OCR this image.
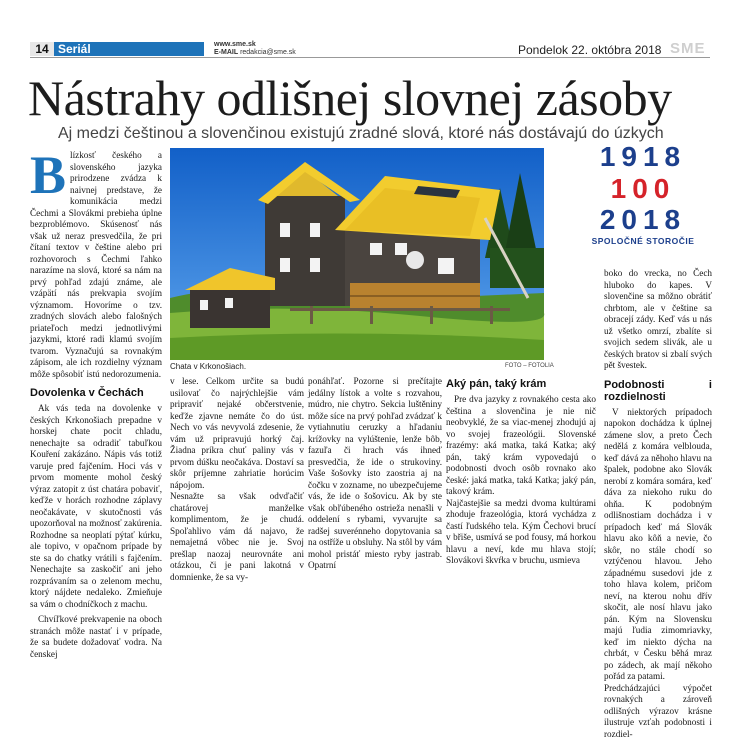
14 Seriál	www.sme.sk
E-MAIL redakcia@sme.sk	Pondelok 22. októbra 2018 SME
Nástrahy odlišnej slovnej zásoby
Aj medzi češtinou a slovenčinou existujú zradné slová, ktoré nás dostávajú do úzkych
B lízkosť českého a slovenského jazyka prirodzene zvádza k naivnej predstave, že komunikácia medzi Čechmi a Slovákmi prebieha úplne bezproblémovo. Skúsenosť nás však už neraz presvedčila, že pri čítaní textov v češtine alebo pri rozhovoroch s Čechmi ľahko narazíme na slová, ktoré sa nám na prvý pohľad zdajú známe, ale vzápätí nás prekvapia svojím významom. Hovoríme o tzv. zradných slovách alebo falošných priateľoch medzi jednotlivými jazykmi, ktoré radi klamú svojím tvarom. Vyznačujú sa rovnakým zápisom, ale ich rozdielny význam môže spôsobiť istú nedorozumenia.

Dovolenka v Čechách

Ak vás teda na dovolenke v českých Krkonošiach prepadne v horskej chate pocit chladu, nenechajte sa odradiť tabuľkou Kouření zakázáno. Nápis vás totiž varuje pred fajčením. Hoci vás v prvom momente mohol český výraz zatopit z úst chatára pobaviť, keďže v horách rozhodne záplavy neočakávate, v skutočnosti vás upozorňoval na možnosť zakúrenia. Rozhodne sa neoplatí pýtať kúrku, ale topivo, v opačnom prípade by ste sa do chatky vrátili s fajčením. Nenechajte sa zaskočiť ani jeho rozprávaním sa o zelenom mechu, ktorý nájdete nedaleko. Zmieňuje sa vám o chodníčkoch z machu.

Chvíľkové prekvapenie na oboch stranách môže nastať i v prípade, že sa budete dožadovať vodra. Na čenskej

Chata v Krkonošiach.	FOTO – FOTOLIA
1918
100
2018
SPOLOČNÉ STOROČIE
v lese. Celkom určite sa budú usilovať čo najrýchlejšie vám pripraviť nejaké občerstvenie, keďže zjavne nemáte čo do úst. Nech vo vás nevyvolá zdesenie, že vám už pripravujú horký čaj. Žiadna príkra chuť paliny vás v prvom dúšku neočakáva. Dostaví sa skôr príjemne zahriatie horúcim nápojom.
Nesnažte sa však odvďačiť chatárovej manželke komplimentom, že je chudá. Spoľahlivo vám dá najavo, že nemajetná vôbec nie je. Svoj prešlap naozaj neurovnáte ani otázkou, či je pani lakotná v domnienke, že sa vy-
ponáhľať. Pozorne si prečítajte jedálny lístok a volte s rozvahou, múdro, nie chytro. Sekcia luštěniny môže síce na prvý pohľad zvádzať k vytiahnutiu ceruzky a hľadaniu krížovky na vylúštenie, lenže bôb, fazuľa či hrach vás ihneď presvedčia, že ide o strukoviny. Vaše šošovky isto zaostria aj na čočku v zozname, no ubezpečujeme vás, že ide o šošovicu. Ak by ste však obľúbeného ostrieža nenašli v oddelení s rybami, vyvarujte sa radšej suverénneho dopytovania sa na ostříže u obsluhy. Na stôl by vám mohol pristáť miesto ryby jastrab. Opatrní
Aký pán, taký krám

Pre dva jazyky z rovnakého cesta ako čeština a slovenčina je nie nič neobvyklé, že sa viac-menej zhodujú aj vo svojej frazeológii. Slovenské frazémy: aká matka, taká Katka; aký pán, taký krám vypovedajú o podobnosti dvoch osôb rovnako ako české: jaká matka, taká Katka; jaký pán, takový krám.
Najčastejšie sa medzi dvoma kultúrami zhoduje frazeológia, ktorá vychádza z častí ľudského tela. Kým Čechovi brucí v břiše, usmívá se pod fousy, má horkou hlavu a neví, kde mu hlava stojí; Slovákovi škvŕka v bruchu, usmieva

boko do vrecka, no Čech hluboko do kapes. V slovenčine sa môžno obrátiť chrbtom, ale v češtine sa obracejí zády. Keď vás u nás už všetko omrzí, zbalíte si svojich sedem slivák, ale u českých bratov si zbalí svých pět švestek.

Podobnosti i rozdielnosti

V niektorých prípadoch napokon dochádza k úplnej zámene slov, a preto Čech nedělá z komára velblouda, keď dává za něhoho hlavu na špalek, podobne ako Slovák nerobí z komára somára, keď dáva za niekoho ruku do ohňa. K podobným odlišnostiam dochádza i v prípadoch keď má Slovák hlavu ako kôň a nevie, čo skôr, no stále chodí so vztýčenou hlavou. Jeho západnému susedovi jde z toho hlava kolem, pričom neví, na kterou nohu dřív skočit, ale nosí hlavu jako pán. Kým na Slovensku majú ľudia zimomriavky, keď im niekto dýcha na chrbát, v Česku běhá mraz po zádech, ak mají někoho pořád za patami.
Predchádzajúci výpočet rovnakých a zároveň odlišných výrazov krásne ilustruje vzťah podobnosti i rozdiel-
